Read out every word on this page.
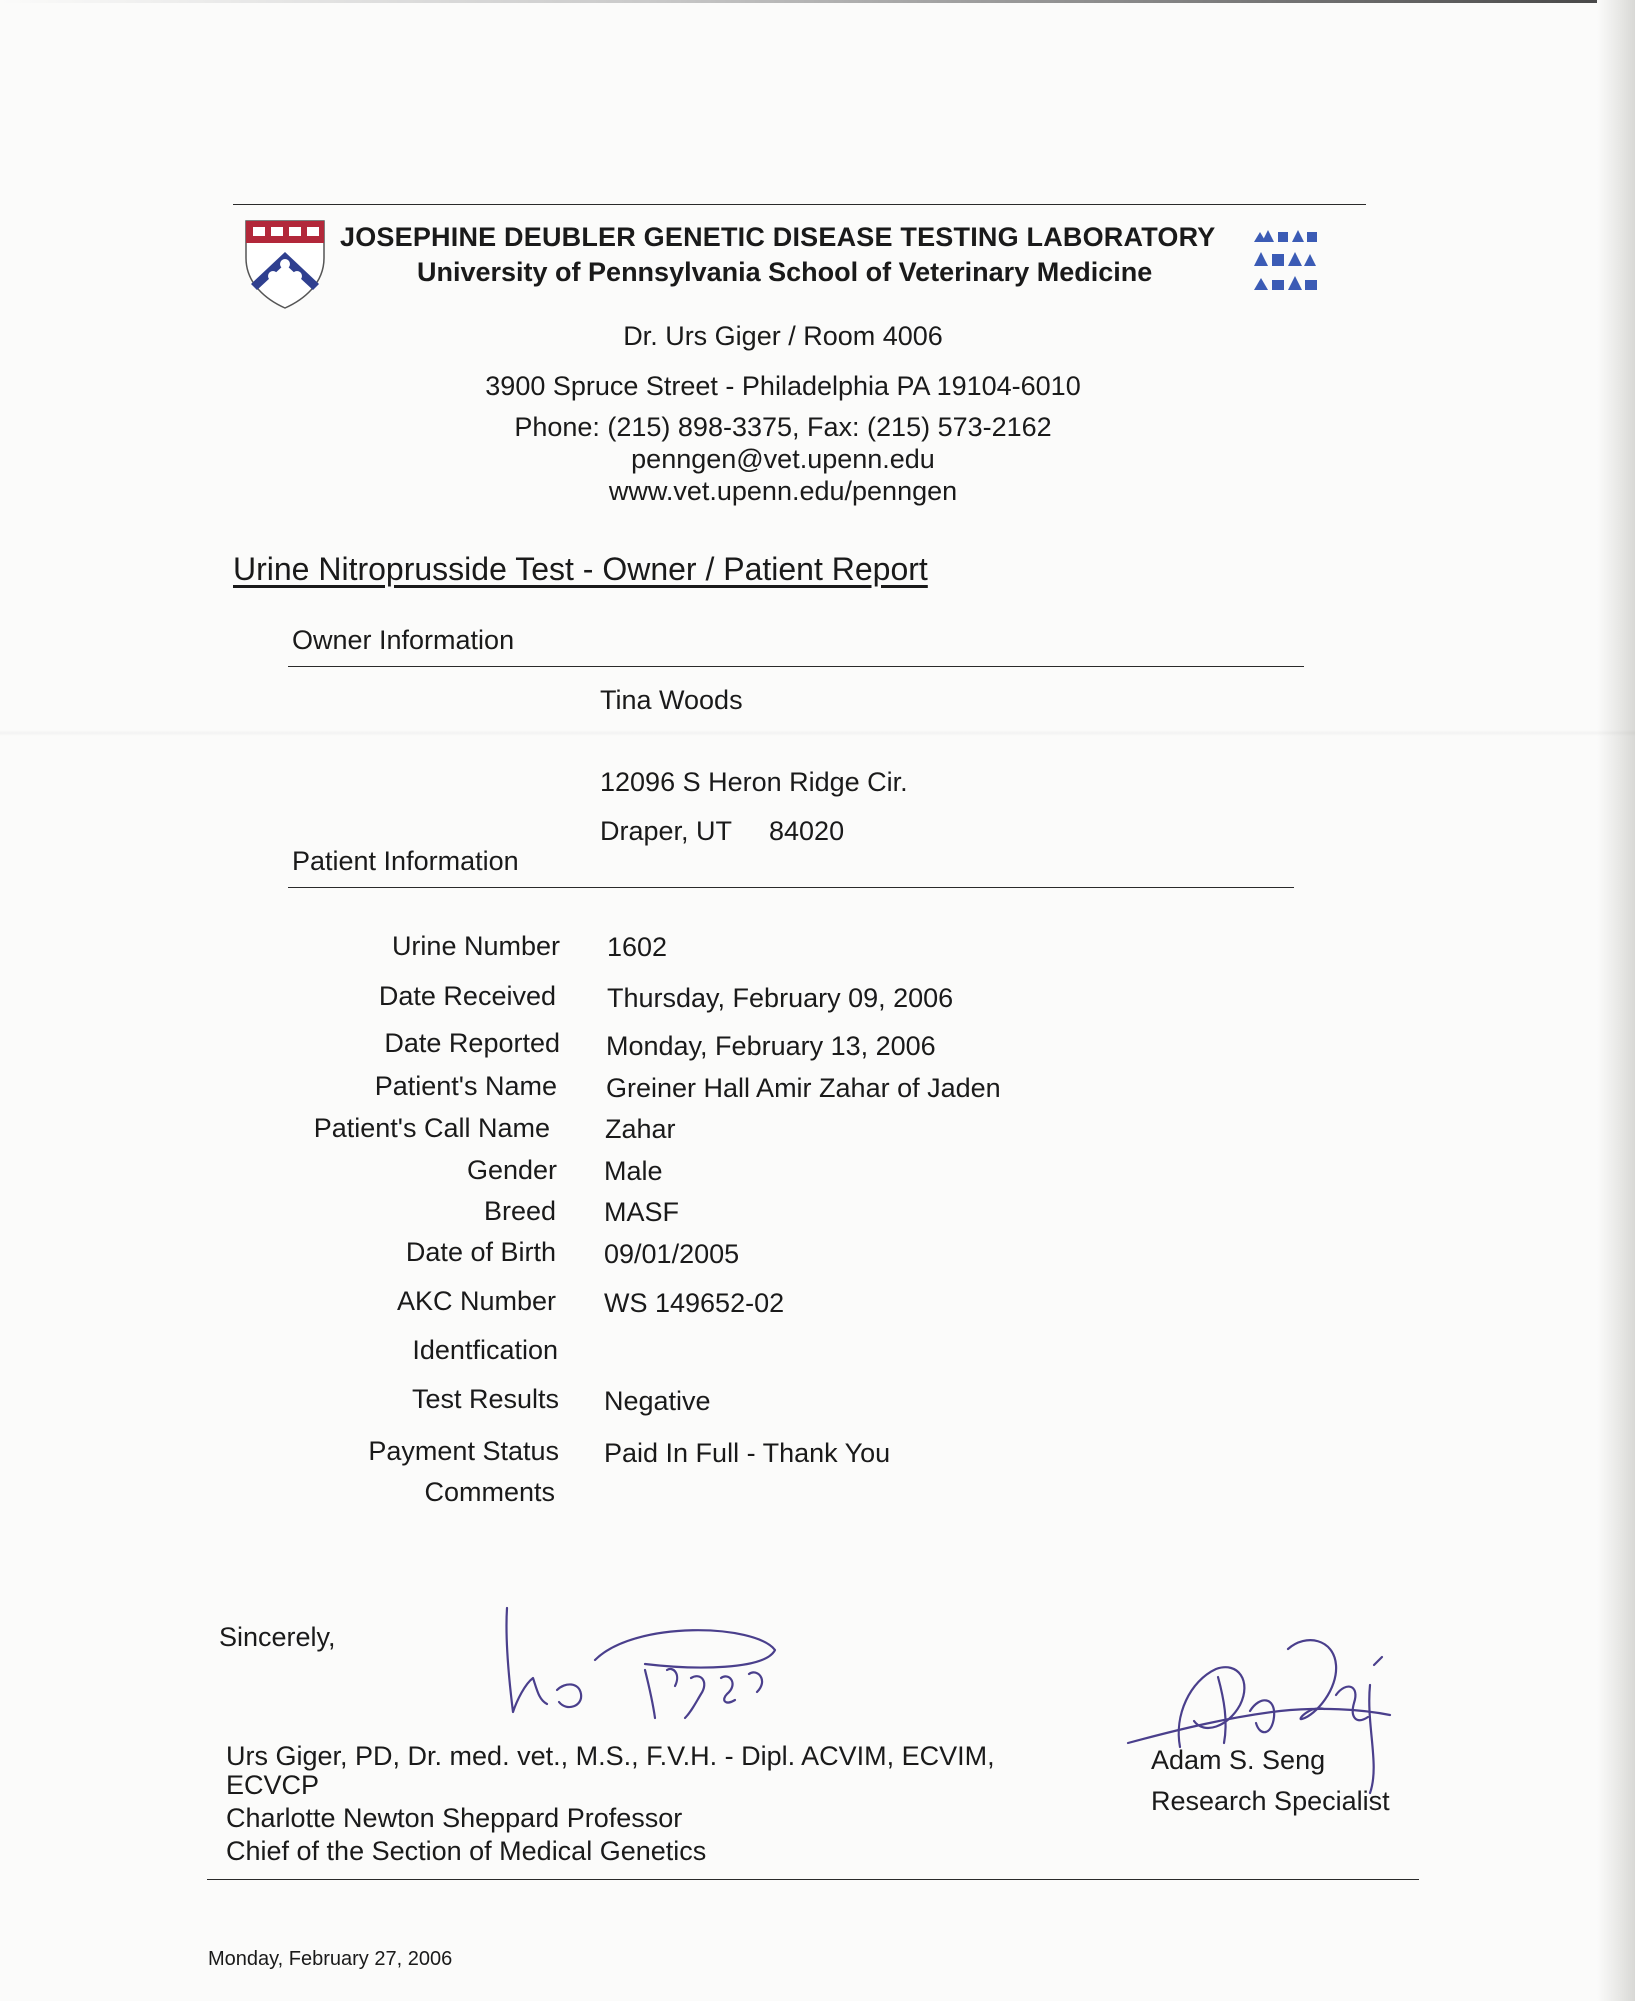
JOSEPHINE DEUBLER GENETIC DISEASE TESTING LABORATORY
University of Pennsylvania School of Veterinary Medicine
Dr. Urs Giger / Room 4006
3900 Spruce Street - Philadelphia PA 19104-6010
Phone: (215) 898-3375, Fax: (215) 573-2162
penngen@vet.upenn.edu
www.vet.upenn.edu/penngen
Urine Nitroprusside Test - Owner / Patient Report
Owner Information
Tina Woods
12096 S Heron Ridge Cir.
Draper, UT 84020
Patient Information
Urine Number 1602
Date Received Thursday, February 09, 2006
Date Reported Monday, February 13, 2006
Patient's Name Greiner Hall Amir Zahar of Jaden
Patient's Call Name Zahar
Gender Male
Breed MASF
Date of Birth 09/01/2005
AKC Number WS 149652-02
Identfication
Test Results Negative
Payment Status Paid In Full - Thank You
Comments
Sincerely,
Urs Giger, PD, Dr. med. vet., M.S., F.V.H. - Dipl. ACVIM, ECVIM,
ECVCP
Charlotte Newton Sheppard Professor
Chief of the Section of Medical Genetics
Adam S. Seng
Research Specialist
Monday, February 27, 2006
